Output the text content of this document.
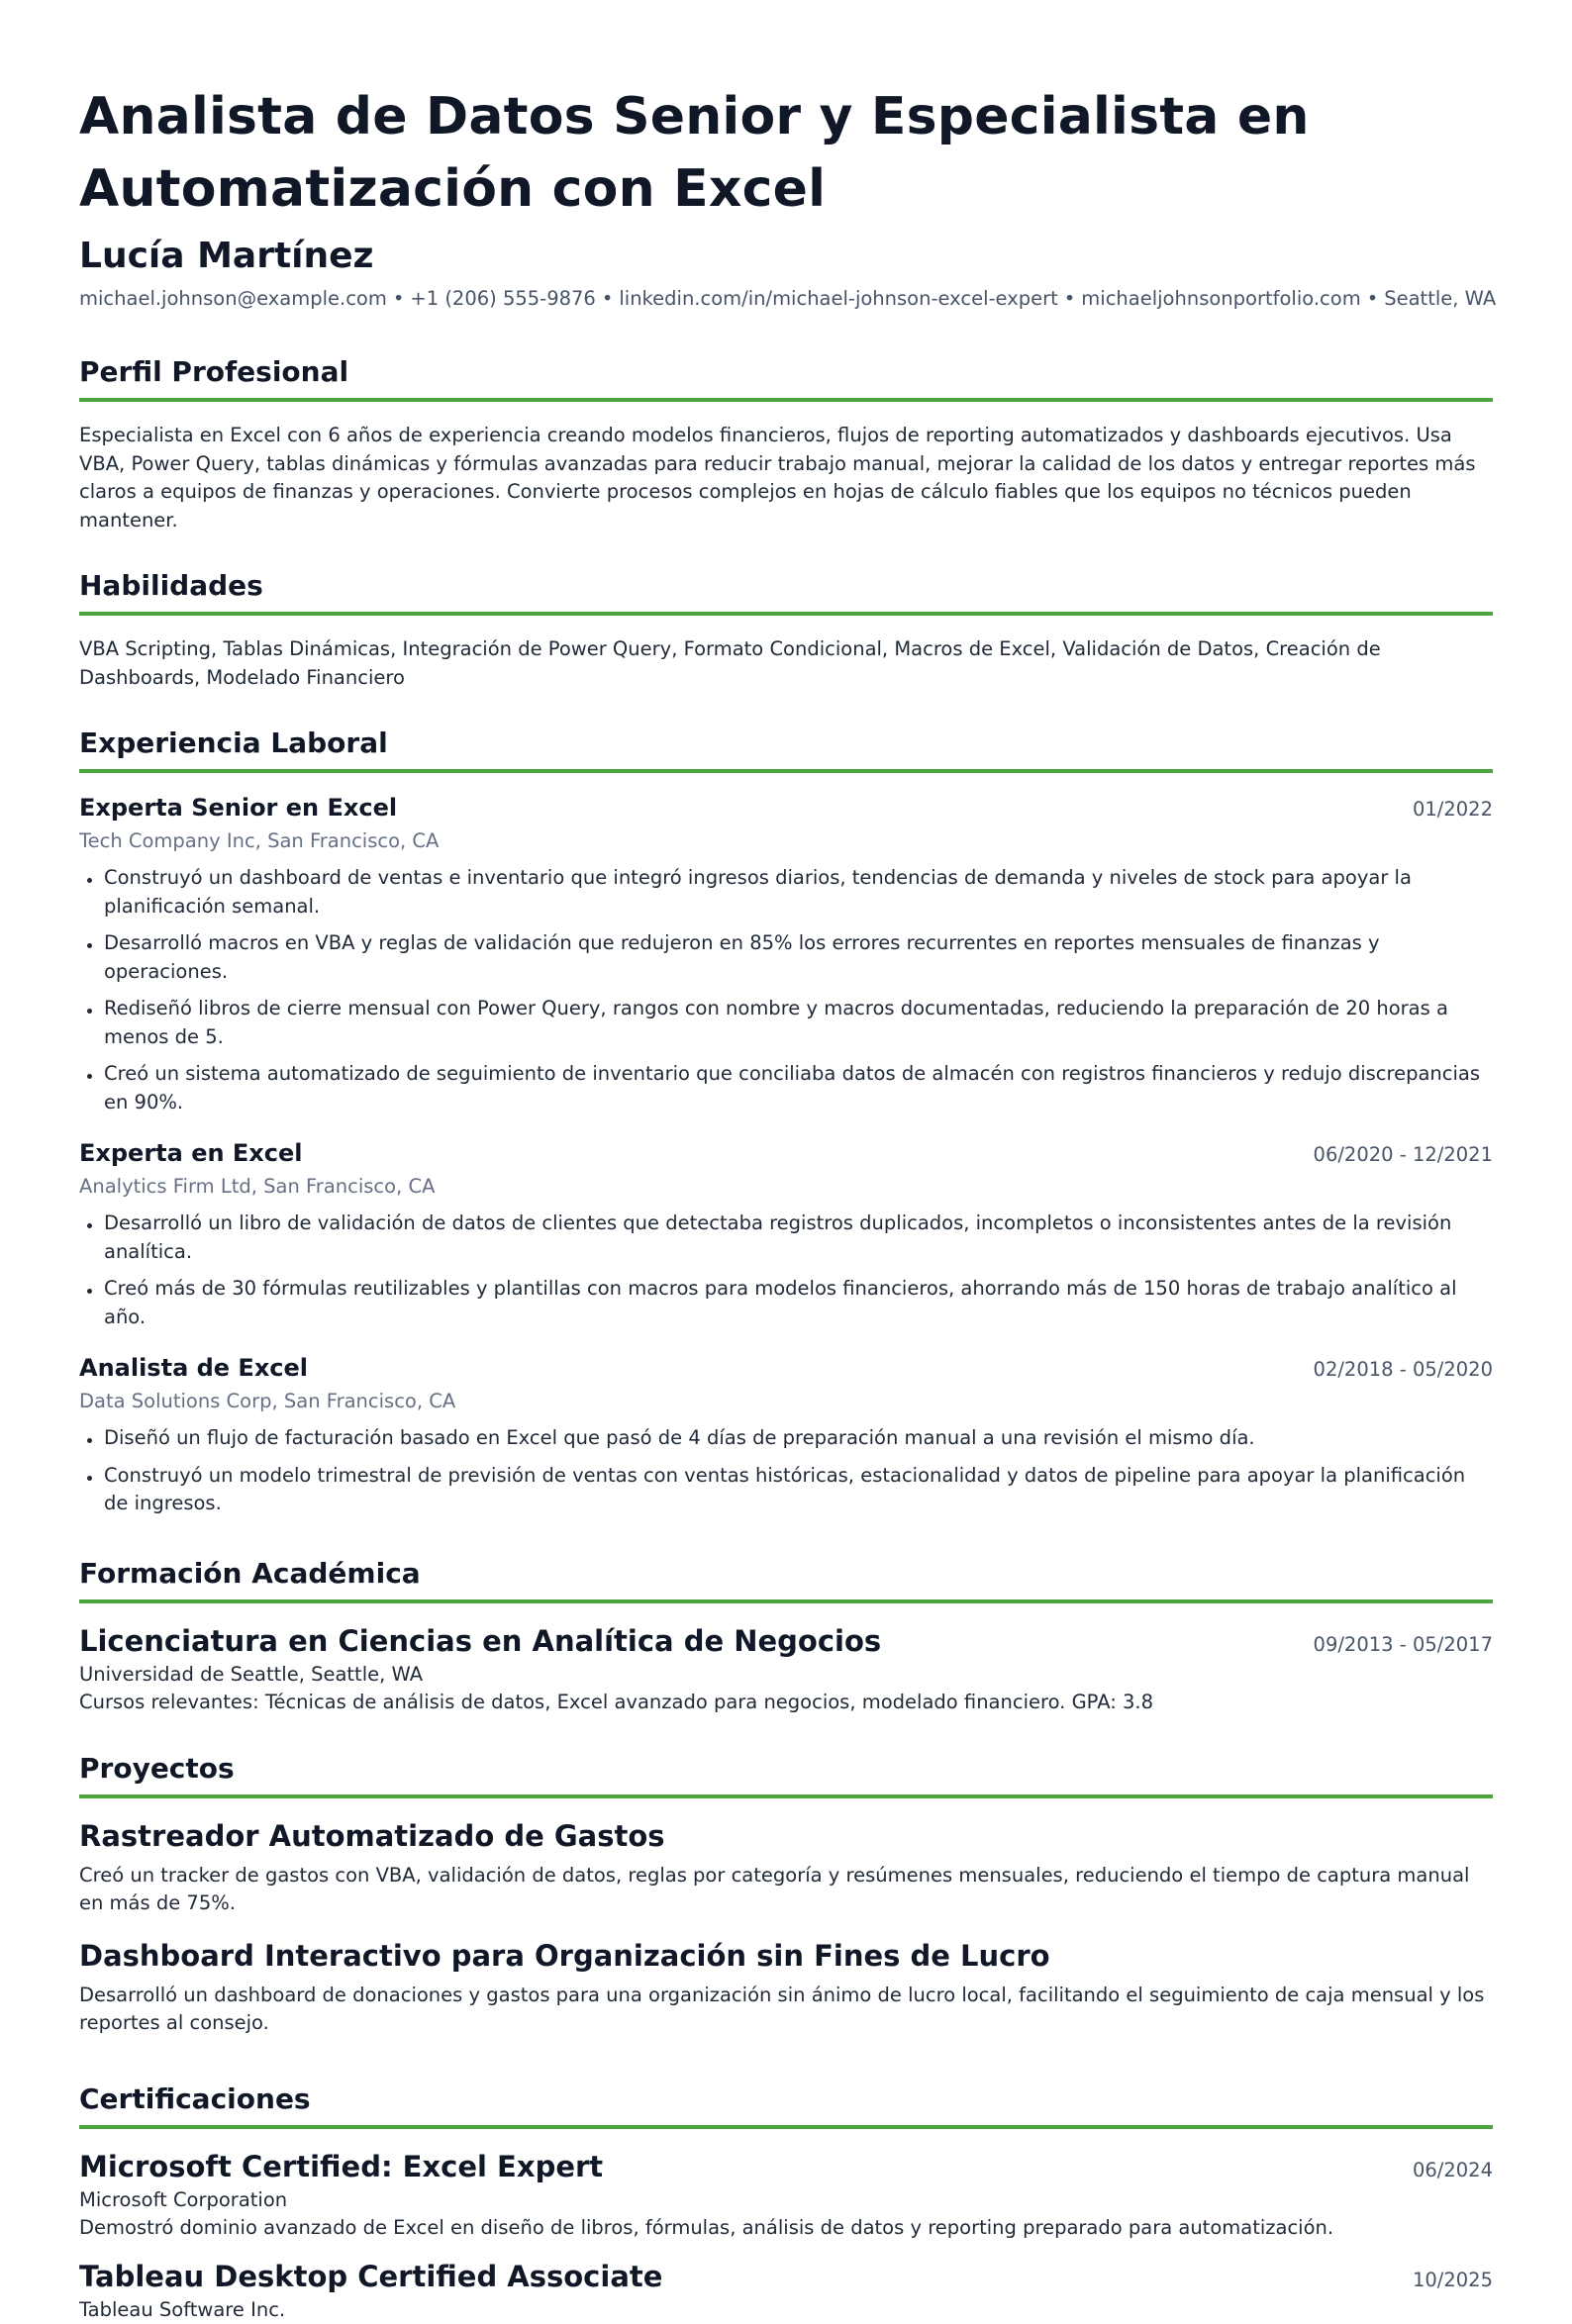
Analista de Datos Senior y Especialista en
Automatización con Excel
Lucía Martínez
michael.johnson@example.com • +1 (206) 555-9876 • linkedin.com/in/michael-johnson-excel-expert • michaeljohnsonportfolio.com • Seattle, WA
Perfil Profesional

Especialista en Excel con 6 años de experiencia creando modelos financieros, flujos de reporting automatizados y dashboards ejecutivos. Usa VBA, Power Query, tablas dinámicas y fórmulas avanzadas para reducir trabajo manual, mejorar la calidad de los datos y entregar reportes más claros a equipos de finanzas y operaciones. Convierte procesos complejos en hojas de cálculo fiables que los equipos no técnicos pueden mantener.

Habilidades

VBA Scripting, Tablas Dinámicas, Integración de Power Query, Formato Condicional, Macros de Excel, Validación de Datos, Creación de Dashboards, Modelado Financiero

Experiencia Laboral
Experta Senior en Excel	01/2022
Tech Company Inc, San Francisco, CA
Construyó un dashboard de ventas e inventario que integró ingresos diarios, tendencias de demanda y niveles de stock para apoyar la planificación semanal.
Desarrolló macros en VBA y reglas de validación que redujeron en 85% los errores recurrentes en reportes mensuales de finanzas y operaciones.
Rediseñó libros de cierre mensual con Power Query, rangos con nombre y macros documentadas, reduciendo la preparación de 20 horas a menos de 5.
Creó un sistema automatizado de seguimiento de inventario que conciliaba datos de almacén con registros financieros y redujo discrepancias en 90%.
Experta en Excel	06/2020 - 12/2021
Analytics Firm Ltd, San Francisco, CA
Desarrolló un libro de validación de datos de clientes que detectaba registros duplicados, incompletos o inconsistentes antes de la revisión analítica.
Creó más de 30 fórmulas reutilizables y plantillas con macros para modelos financieros, ahorrando más de 150 horas de trabajo analítico al año.
Analista de Excel	02/2018 - 05/2020
Data Solutions Corp, San Francisco, CA
Diseñó un flujo de facturación basado en Excel que pasó de 4 días de preparación manual a una revisión el mismo día.
Construyó un modelo trimestral de previsión de ventas con ventas históricas, estacionalidad y datos de pipeline para apoyar la planificación de ingresos.
Formación Académica
Licenciatura en Ciencias en Analítica de Negocios	09/2013 - 05/2017
Universidad de Seattle, Seattle, WA
Cursos relevantes: Técnicas de análisis de datos, Excel avanzado para negocios, modelado financiero. GPA: 3.8
Proyectos
Rastreador Automatizado de Gastos

Creó un tracker de gastos con VBA, validación de datos, reglas por categoría y resúmenes mensuales, reduciendo el tiempo de captura manual en más de 75%.

Dashboard Interactivo para Organización sin Fines de Lucro

Desarrolló un dashboard de donaciones y gastos para una organización sin ánimo de lucro local, facilitando el seguimiento de caja mensual y los reportes al consejo.

Certificaciones
Microsoft Certified: Excel Expert	06/2024
Microsoft Corporation
Demostró dominio avanzado de Excel en diseño de libros, fórmulas, análisis de datos y reporting preparado para automatización.
Tableau Desktop Certified Associate	10/2025
Tableau Software Inc.
